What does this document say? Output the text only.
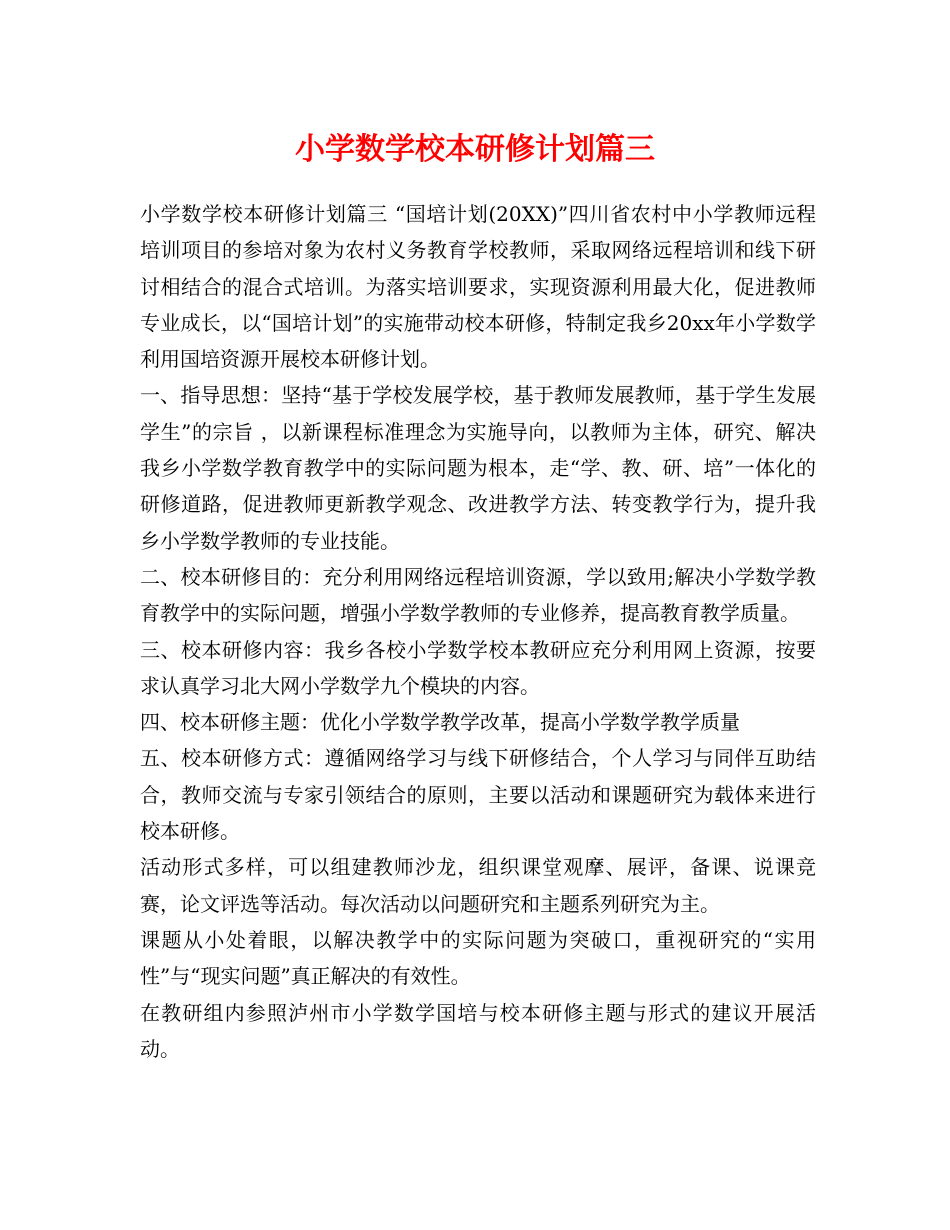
小学数学校本研修计划篇三

小学数学校本研修计划篇三 “国培计划(20XX)”四川省农村中小学教师远程培训项目的参培对象为农村义务教育学校教师，采取网络远程培训和线下研讨相结合的混合式培训。为落实培训要求，实现资源利用最大化，促进教师专业成长，以“国培计划”的实施带动校本研修，特制定我乡20xx年小学数学利用国培资源开展校本研修计划。

一、指导思想：坚持“基于学校发展学校，基于教师发展教师，基于学生发展学生”的宗旨 ，以新课程标准理念为实施导向，以教师为主体，研究、解决我乡小学数学教育教学中的实际问题为根本，走“学、教、研、培”一体化的研修道路，促进教师更新教学观念、改进教学方法、转变教学行为，提升我乡小学数学教师的专业技能。

二、校本研修目的：充分利用网络远程培训资源，学以致用;解决小学数学教育教学中的实际问题，增强小学数学教师的专业修养，提高教育教学质量。

三、校本研修内容：我乡各校小学数学校本教研应充分利用网上资源，按要求认真学习北大网小学数学九个模块的内容。

四、校本研修主题：优化小学数学教学改革，提高小学数学教学质量

五、校本研修方式：遵循网络学习与线下研修结合，个人学习与同伴互助结合，教师交流与专家引领结合的原则，主要以活动和课题研究为载体来进行校本研修。

活动形式多样，可以组建教师沙龙，组织课堂观摩、展评，备课、说课竞赛，论文评选等活动。每次活动以问题研究和主题系列研究为主。

课题从小处着眼，以解决教学中的实际问题为突破口，重视研究的“实用性”与“现实问题”真正解决的有效性。

在教研组内参照泸州市小学数学国培与校本研修主题与形式的建议开展活动。
